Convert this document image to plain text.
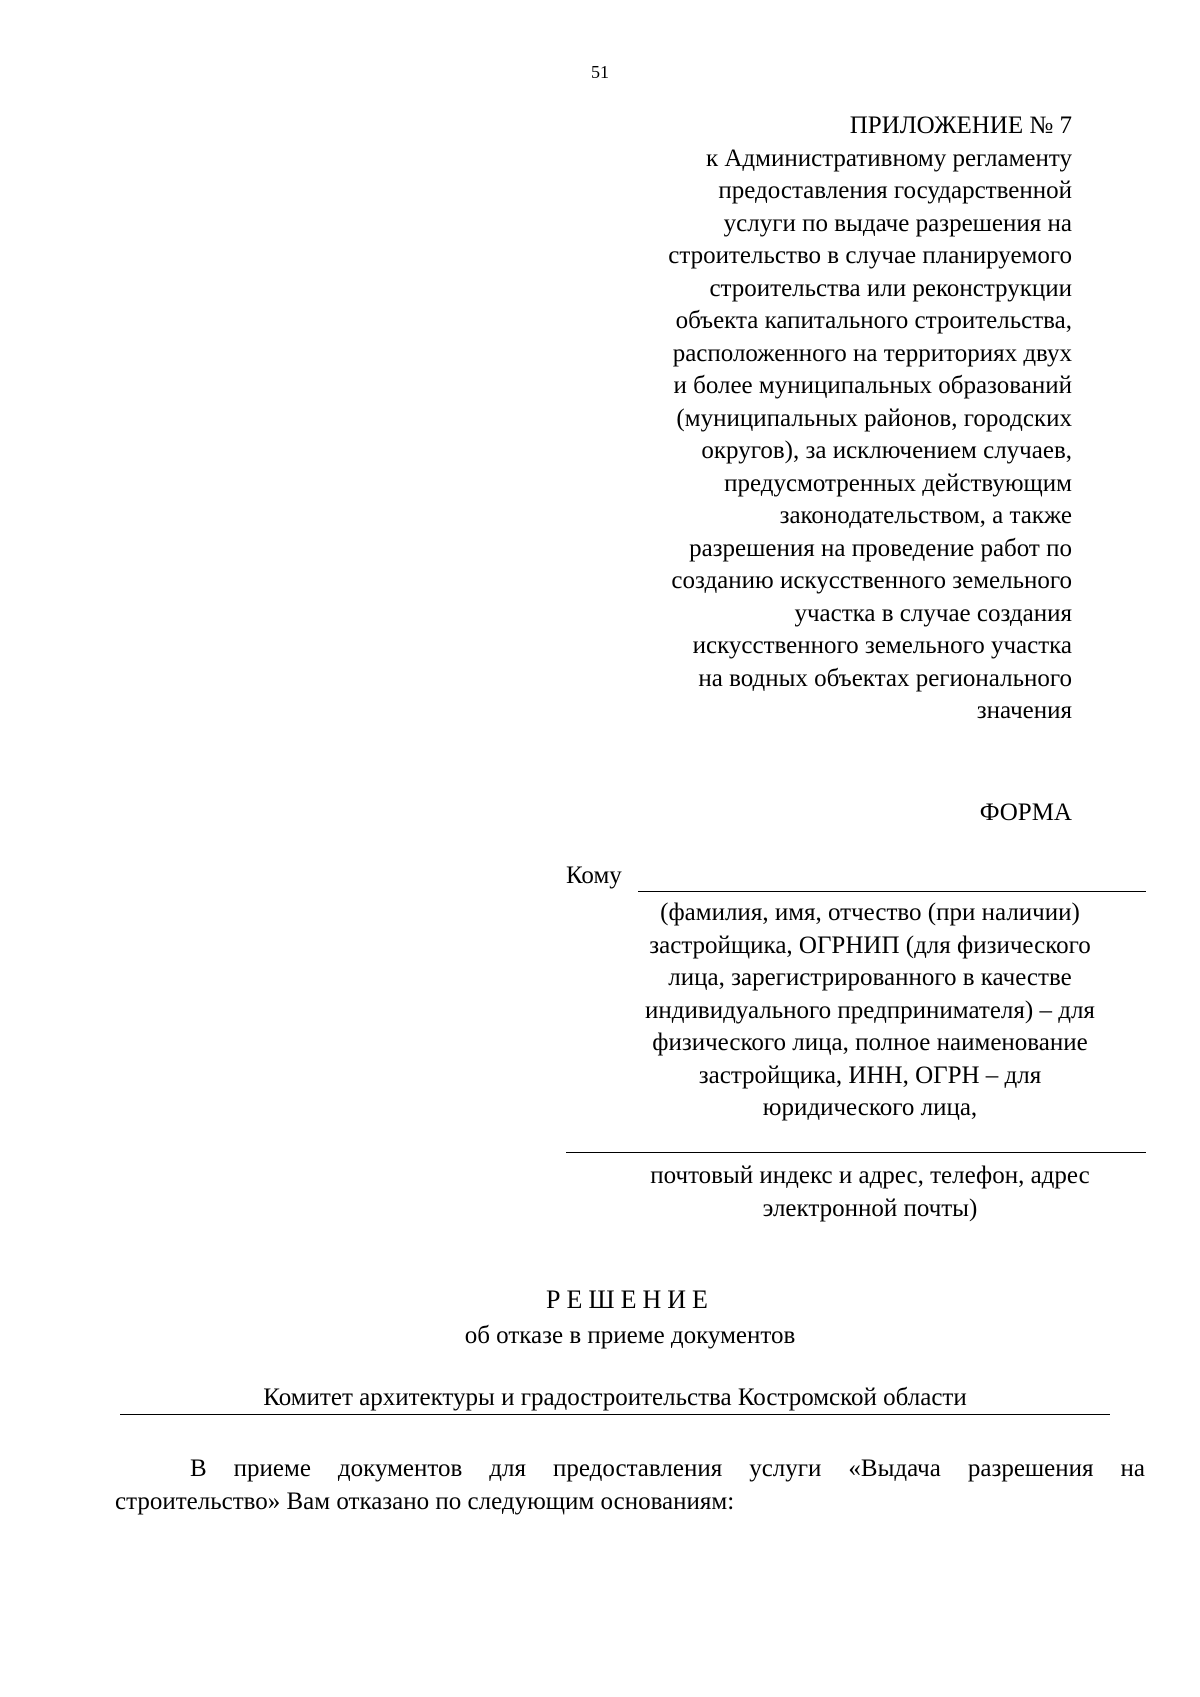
51
ПРИЛОЖЕНИЕ № 7
к Административному регламенту
предоставления государственной
услуги по выдаче разрешения на
строительство в случае планируемого
строительства или реконструкции
объекта капитального строительства,
расположенного на территориях двух
и более муниципальных образований
(муниципальных районов, городских
округов), за исключением случаев,
предусмотренных действующим
законодательством, а также
разрешения на проведение работ по
созданию искусственного земельного
участка в случае создания
искусственного земельного участка
на водных объектах регионального
значения
ФОРМА
Кому
(фамилия, имя, отчество (при наличии)
застройщика, ОГРНИП (для физического
лица, зарегистрированного в качестве
индивидуального предпринимателя) – для
физического лица, полное наименование
застройщика, ИНН, ОГРН – для
юридического лица,
почтовый индекс и адрес, телефон, адрес
электронной почты)
РЕШЕНИЕ
об отказе в приеме документов
Комитет архитектуры и градостроительства Костромской области
В приеме документов для предоставления услуги «Выдача разрешения на строительство» Вам отказано по следующим основаниям:
